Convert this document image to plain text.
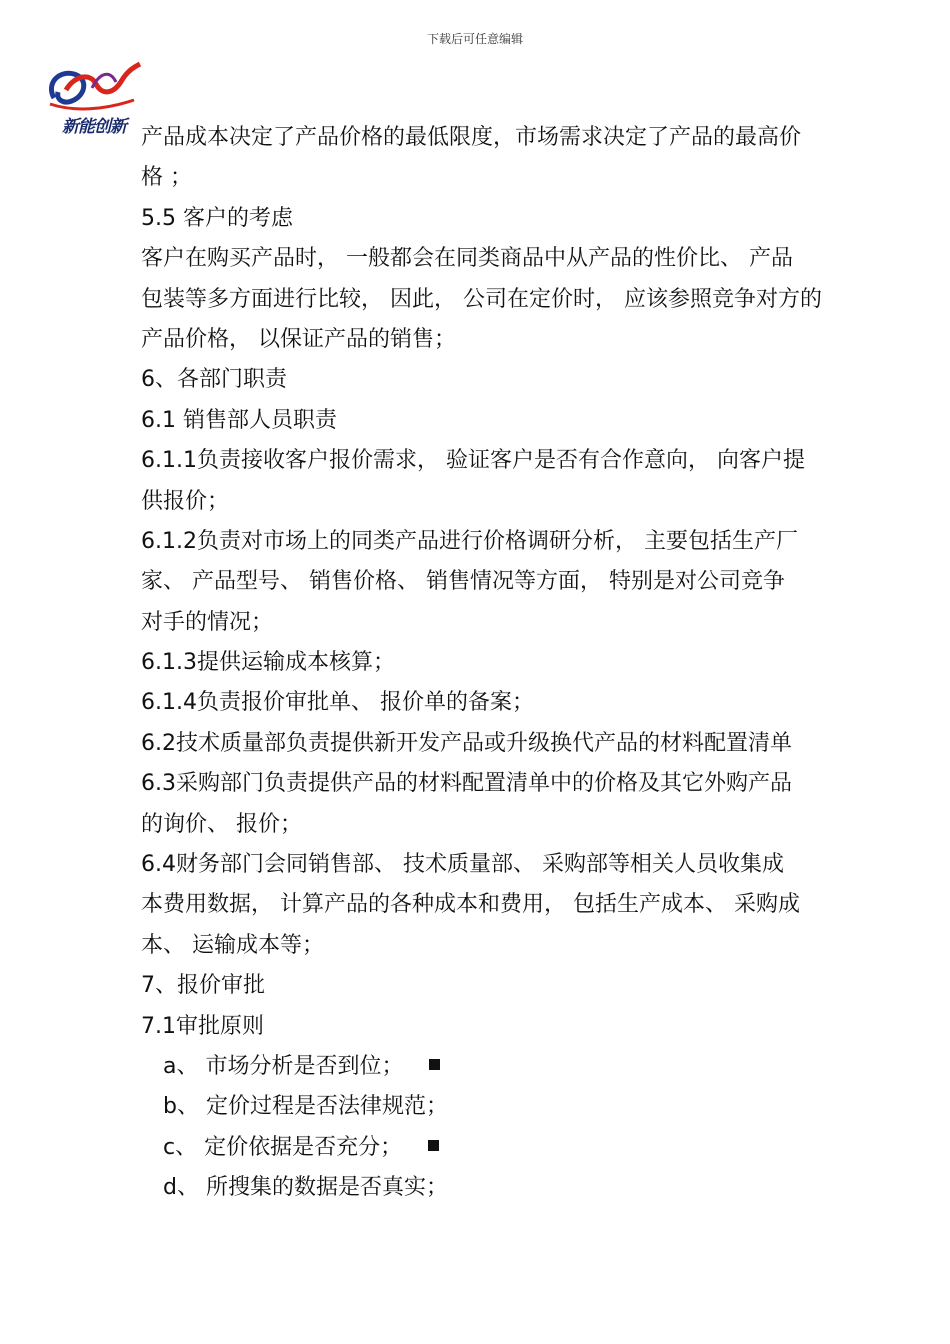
下载后可任意编辑
新能创新 产品成本决定了产品价格的最低限度，市场需求决定了产品的最高价
格 ；
5.5 客户的考虑
客户在购买产品时， 一般都会在同类商品中从产品的性价比、 产品
包装等多方面进行比较， 因此， 公司在定价时， 应该参照竞争对方的
产品价格， 以保证产品的销售；
6、各部门职责
6.1 销售部人员职责
6.1.1负责接收客户报价需求， 验证客户是否有合作意向， 向客户提
供报价；
6.1.2负责对市场上的同类产品进行价格调研分析， 主要包括生产厂
家、 产品型号、 销售价格、 销售情况等方面， 特别是对公司竞争
对手的情况；
6.1.3提供运输成本核算；
6.1.4负责报价审批单、 报价单的备案；
6.2技术质量部负责提供新开发产品或升级换代产品的材料配置清单
6.3采购部门负责提供产品的材料配置清单中的价格及其它外购产品
的询价、 报价；
6.4财务部门会同销售部、 技术质量部、 采购部等相关人员收集成
本费用数据， 计算产品的各种成本和费用， 包括生产成本、 采购成
本、 运输成本等；
7、报价审批
7.1审批原则
a、 市场分析是否到位；
b、 定价过程是否法律规范；
c、 定价依据是否充分；
d、 所搜集的数据是否真实；
